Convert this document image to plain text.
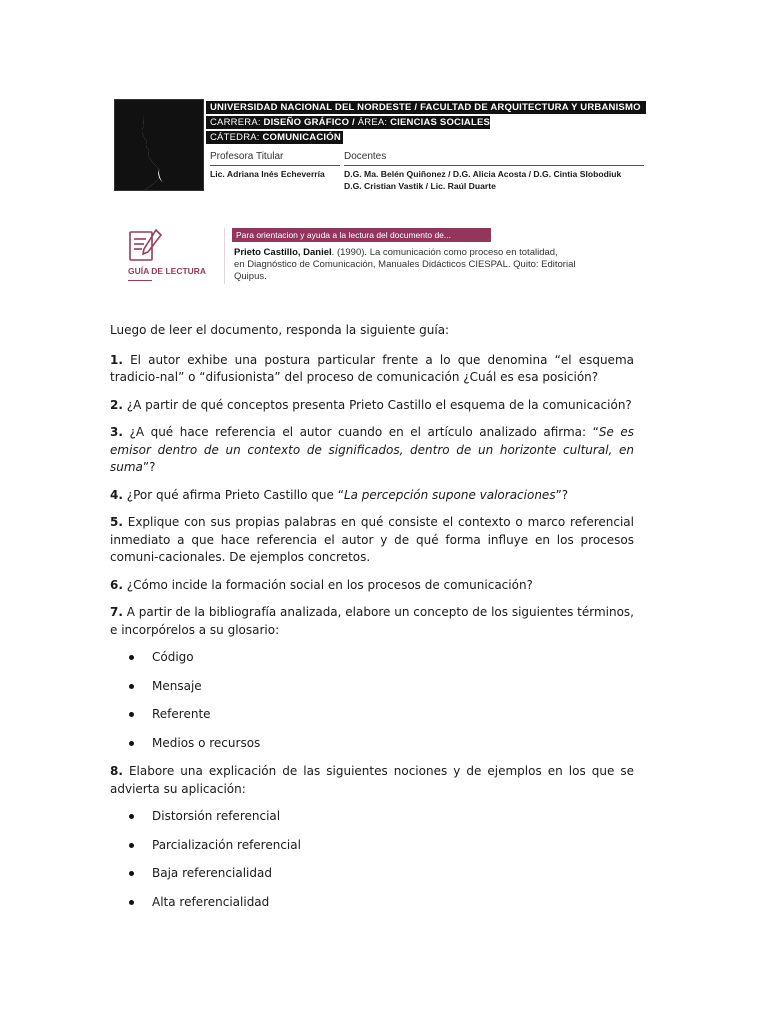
UNIVERSIDAD NACIONAL DEL NORDESTE / FACULTAD DE ARQUITECTURA Y URBANISMO
CARRERA: DISEÑO GRÁFICO / ÁREA: CIENCIAS SOCIALES
CÁTEDRA: COMUNICACIÓN I
Profesora Titular
Lic. Adriana Inés Echeverría
Docentes
D.G. Ma. Belén Quiñonez / D.G. Alicia Acosta / D.G. Cintia Slobodiuk
D.G. Cristian Vastik / Lic. Raúl Duarte
GUÍA DE LECTURA
Para orientacion y ayuda a la lectura del documento de...
Prieto Castillo, Daniel. (1990). La comunicación como proceso en totalidad,
en Diagnóstico de Comunicación, Manuales Didácticos CIESPAL. Quito: Editorial
Quipus.

Luego de leer el documento, responda la siguiente guía:

1. El autor exhibe una postura particular frente a lo que denomina “el esquema tradicio-nal” o “difusionista” del proceso de comunicación ¿Cuál es esa posición?

2. ¿A partir de qué conceptos presenta Prieto Castillo el esquema de la comunicación?

3. ¿A qué hace referencia el autor cuando en el artículo analizado afirma: “Se es emisor dentro de un contexto de significados, dentro de un horizonte cultural, en suma”?

4. ¿Por qué afirma Prieto Castillo que “La percepción supone valoraciones”?

5. Explique con sus propias palabras en qué consiste el contexto o marco referencial inmediato a que hace referencia el autor y de qué forma influye en los procesos comuni-cacionales. De ejemplos concretos.

6. ¿Cómo incide la formación social en los procesos de comunicación?

7. A partir de la bibliografía analizada, elabore un concepto de los siguientes términos, e incorpórelos a su glosario:

Código
Mensaje
Referente
Medios o recursos

8. Elabore una explicación de las siguientes nociones y de ejemplos en los que se advierta su aplicación:

Distorsión referencial
Parcialización referencial
Baja referencialidad
Alta referencialidad
